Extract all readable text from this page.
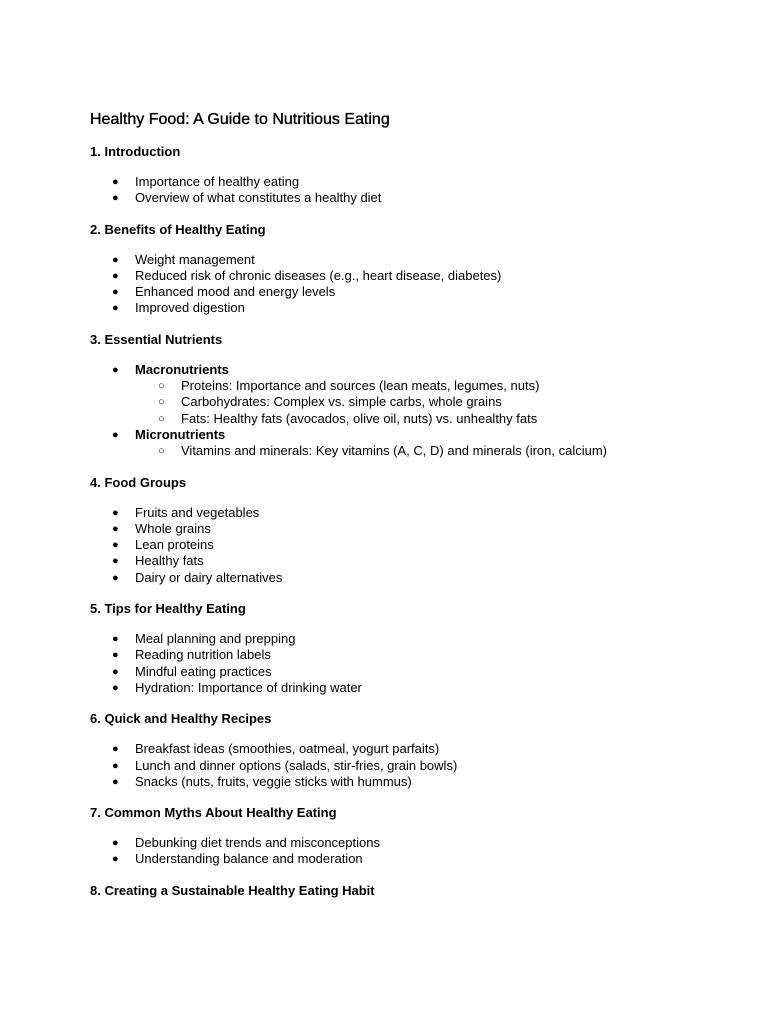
Healthy Food: A Guide to Nutritious Eating
1. Introduction
● Importance of healthy eating
● Overview of what constitutes a healthy diet
2. Benefits of Healthy Eating
● Weight management
● Reduced risk of chronic diseases (e.g., heart disease, diabetes)
● Enhanced mood and energy levels
● Improved digestion
3. Essential Nutrients
● Macronutrients
○ Proteins: Importance and sources (lean meats, legumes, nuts)
○ Carbohydrates: Complex vs. simple carbs, whole grains
○ Fats: Healthy fats (avocados, olive oil, nuts) vs. unhealthy fats
● Micronutrients
○ Vitamins and minerals: Key vitamins (A, C, D) and minerals (iron, calcium)
4. Food Groups
● Fruits and vegetables
● Whole grains
● Lean proteins
● Healthy fats
● Dairy or dairy alternatives
5. Tips for Healthy Eating
● Meal planning and prepping
● Reading nutrition labels
● Mindful eating practices
● Hydration: Importance of drinking water
6. Quick and Healthy Recipes
● Breakfast ideas (smoothies, oatmeal, yogurt parfaits)
● Lunch and dinner options (salads, stir-fries, grain bowls)
● Snacks (nuts, fruits, veggie sticks with hummus)
7. Common Myths About Healthy Eating
● Debunking diet trends and misconceptions
● Understanding balance and moderation
8. Creating a Sustainable Healthy Eating Habit
